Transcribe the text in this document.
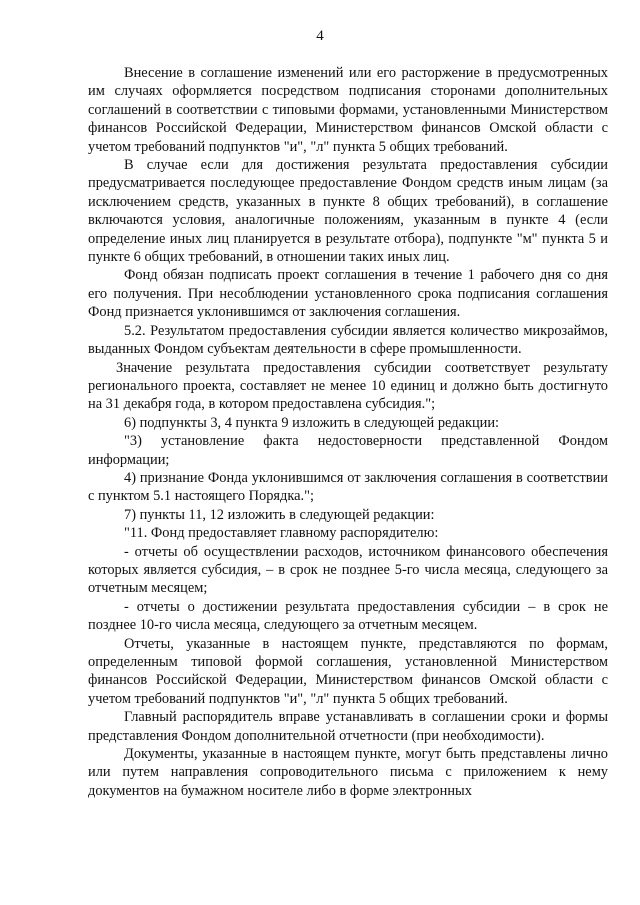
4

Внесение в соглашение изменений или его расторжение в предусмотренных им случаях оформляется посредством подписания сторонами дополнительных соглашений в соответствии с типовыми формами, установленными Министерством финансов Российской Федерации, Министерством финансов Омской области с учетом требований подпунктов "и", "л" пункта 5 общих требований.

В случае если для достижения результата предоставления субсидии предусматривается последующее предоставление Фондом средств иным лицам (за исключением средств, указанных в пункте 8 общих требований), в соглашение включаются условия, аналогичные положениям, указанным в пункте 4 (если определение иных лиц планируется в результате отбора), подпункте "м" пункта 5 и пункте 6 общих требований, в отношении таких иных лиц.

Фонд обязан подписать проект соглашения в течение 1 рабочего дня со дня его получения. При несоблюдении установленного срока подписания соглашения Фонд признается уклонившимся от заключения соглашения.

5.2. Результатом предоставления субсидии является количество микрозаймов, выданных Фондом субъектам деятельности в сфере промышленности.

Значение результата предоставления субсидии соответствует результату регионального проекта, составляет не менее 10 единиц и должно быть достигнуто на 31 декабря года, в котором предоставлена субсидия.";

6) подпункты 3, 4 пункта 9 изложить в следующей редакции:

"3) установление факта недостоверности представленной Фондом информации;

4) признание Фонда уклонившимся от заключения соглашения в соответствии с пунктом 5.1 настоящего Порядка.";

7) пункты 11, 12 изложить в следующей редакции:

"11. Фонд предоставляет главному распорядителю:

- отчеты об осуществлении расходов, источником финансового обеспечения которых является субсидия, – в срок не позднее 5-го числа месяца, следующего за отчетным месяцем;

- отчеты о достижении результата предоставления субсидии – в срок не позднее 10-го числа месяца, следующего за отчетным месяцем.

Отчеты, указанные в настоящем пункте, представляются по формам, определенным типовой формой соглашения, установленной Министерством финансов Российской Федерации, Министерством финансов Омской области с учетом требований подпунктов "и", "л" пункта 5 общих требований.

Главный распорядитель вправе устанавливать в соглашении сроки и формы представления Фондом дополнительной отчетности (при необходимости).

Документы, указанные в настоящем пункте, могут быть представлены лично или путем направления сопроводительного письма с приложением к нему документов на бумажном носителе либо в форме электронных
